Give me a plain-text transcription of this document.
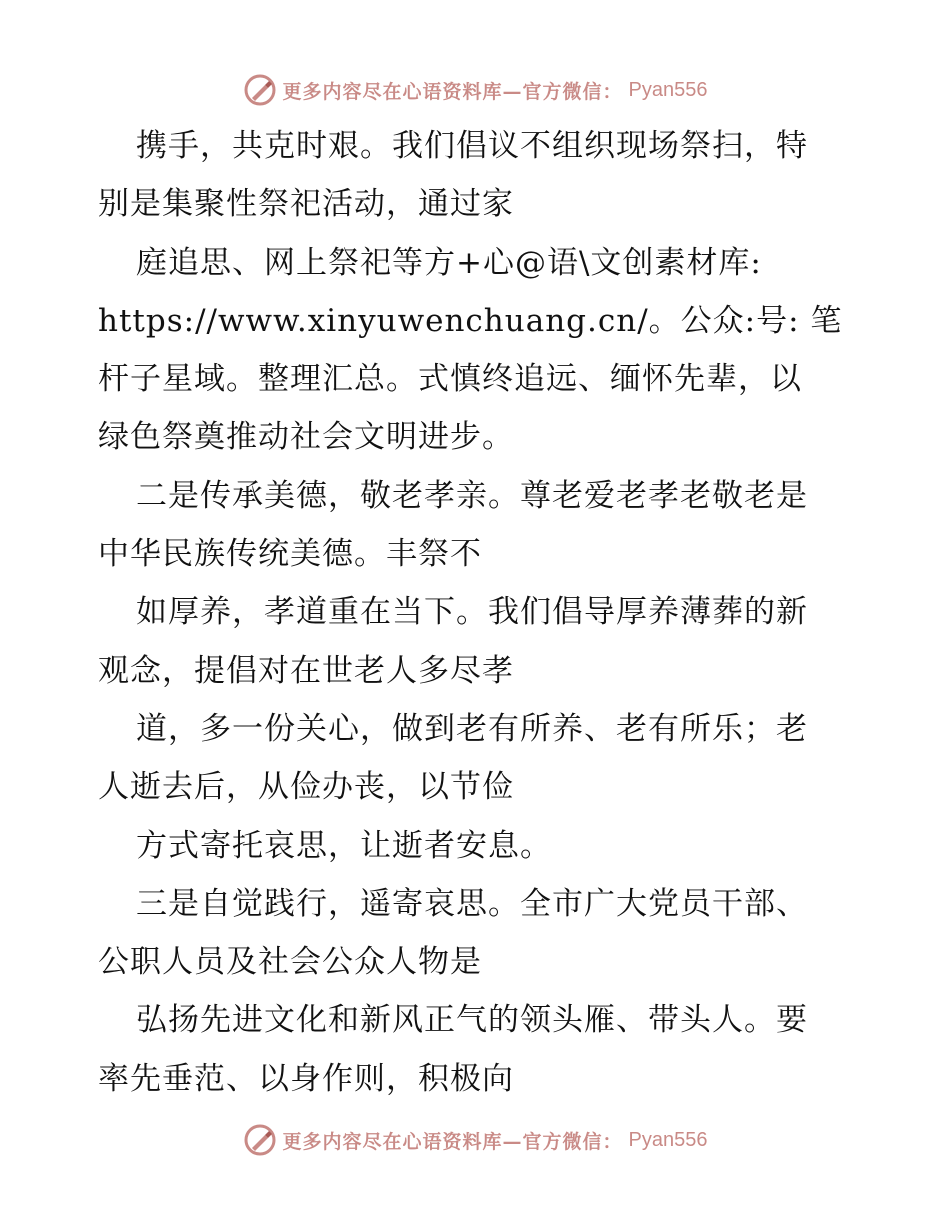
更多内容尽在心语资料库—官方微信： Pyan556
携手，共克时艰。我们倡议不组织现场祭扫，特
别是集聚性祭祀活动，通过家
庭追思、网上祭祀等方+心@语\文创素材库:
https://www.xinyuwenchuang.cn/。公众:号: 笔
杆子星域。整理汇总。式慎终追远、缅怀先辈，以
绿色祭奠推动社会文明进步。
二是传承美德，敬老孝亲。尊老爱老孝老敬老是
中华民族传统美德。丰祭不
如厚养，孝道重在当下。我们倡导厚养薄葬的新
观念，提倡对在世老人多尽孝
道，多一份关心，做到老有所养、老有所乐；老
人逝去后，从俭办丧，以节俭
方式寄托哀思，让逝者安息。
三是自觉践行，遥寄哀思。全市广大党员干部、
公职人员及社会公众人物是
弘扬先进文化和新风正气的领头雁、带头人。要
率先垂范、以身作则，积极向
更多内容尽在心语资料库—官方微信： Pyan556
